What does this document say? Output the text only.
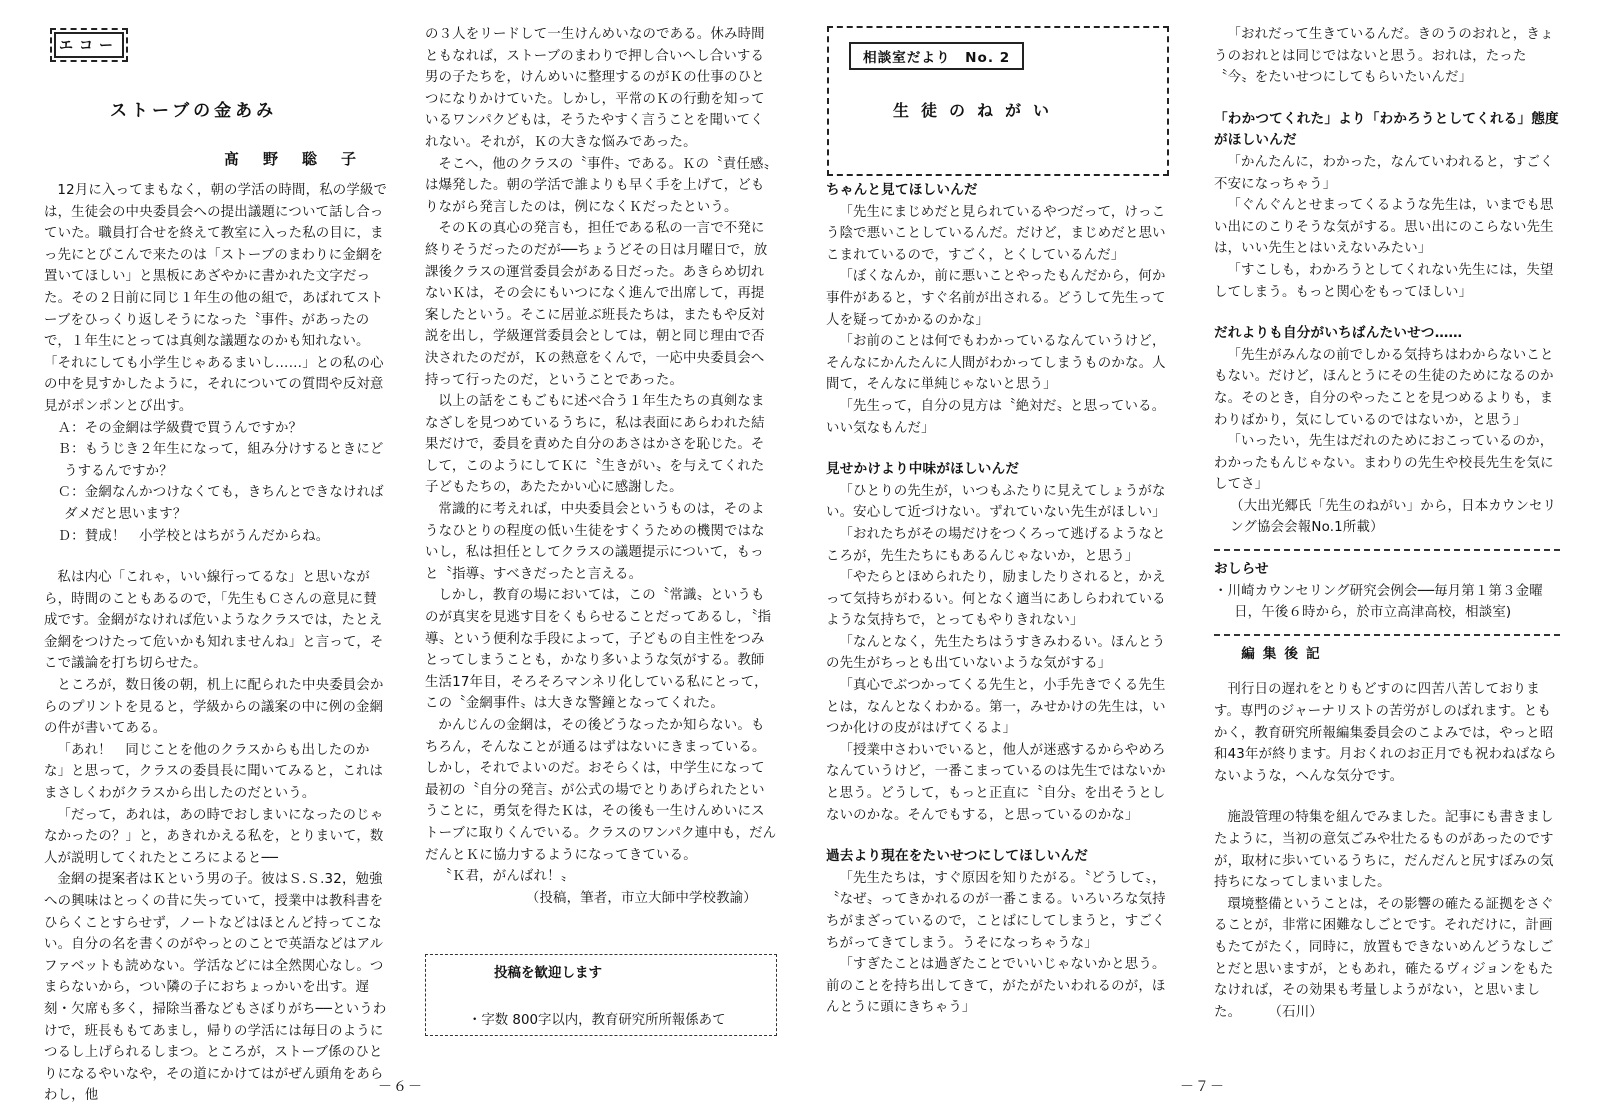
エコー
ストーブの金あみ
髙野聡子

12月に入ってまもなく，朝の学活の時間，私の学級では，生徒会の中央委員会への提出議題について話し合っていた。職員打合せを終えて教室に入った私の目に，まっ先にとびこんで来たのは「ストーブのまわりに金網を置いてほしい」と黒板にあざやかに書かれた文字だった。その２日前に同じ１年生の他の組で，あばれてストーブをひっくり返しそうになった〝事件〟があったので，１年生にとっては真剣な議題なのかも知れない。「それにしても小学生じゃあるまいし……」との私の心の中を見すかしたように，それについての質問や反対意見がポンポンとび出す。

　Ａ：その金網は学級費で買うんですか？

　Ｂ：もうじき２年生になって，組み分けするときにどうするんですか？

　Ｃ：金網なんかつけなくても，きちんとできなければダメだと思います？

　Ｄ：賛成！　小学校とはちがうんだからね。

私は内心「これゃ，いい線行ってるな」と思いながら，時間のこともあるので，「先生もＣさんの意見に賛成です。金網がなければ危いようなクラスでは，たとえ金網をつけたって危いかも知れませんね」と言って，そこで議論を打ち切らせた。

ところが，数日後の朝，机上に配られた中央委員会からのプリントを見ると，学級からの議案の中に例の金網の件が書いてある。

「あれ！　同じことを他のクラスからも出したのかな」と思って，クラスの委員長に聞いてみると，これはまさしくわがクラスから出したのだという。

「だって，あれは，あの時でおしまいになったのじゃなかったの？」と，あきれかえる私を，とりまいて，数人が説明してくれたところによると──

金網の提案者はＫという男の子。彼はＳ.Ｓ.32，勉強への興味はとっくの昔に失っていて，授業中は教科書をひらくことすらせず，ノートなどはほとんど持ってこない。自分の名を書くのがやっとのことで英語などはアルファベットも読めない。学活などには全然関心なし。つまらないから，つい隣の子におちょっかいを出す。遅刻・欠席も多く，掃除当番などもさぼりがち──というわけで，班長ももてあまし，帰りの学活には毎日のようにつるし上げられるしまつ。ところが，ストーブ係のひとりになるやいなや，その道にかけてはがぜん頭角をあらわし，他

の３人をリードして一生けんめいなのである。休み時間ともなれば，ストーブのまわりで押し合いへし合いする男の子たちを，けんめいに整理するのがＫの仕事のひとつになりかけていた。しかし，平常のＫの行動を知っているワンパクどもは，そうたやすく言うことを聞いてくれない。それが，Ｋの大きな悩みであった。

そこへ，他のクラスの〝事件〟である。Ｋの〝責任感〟は爆発した。朝の学活で誰よりも早く手を上げて，どもりながら発言したのは，例になくＫだったという。

そのＫの真心の発言も，担任である私の一言で不発に終りそうだったのだが──ちょうどその日は月曜日で，放課後クラスの運営委員会がある日だった。あきらめ切れないＫは，その会にもいつになく進んで出席して，再提案したという。そこに居並ぶ班長たちは，またもや反対説を出し，学級運営委員会としては，朝と同じ理由で否決されたのだが，Ｋの熱意をくんで，一応中央委員会へ持って行ったのだ，ということであった。

以上の話をこもごもに述べ合う１年生たちの真剣なまなざしを見つめているうちに，私は表面にあらわれた結果だけで，委員を責めた自分のあさはかさを恥じた。そして，このようにしてＫに〝生きがい〟を与えてくれた子どもたちの，あたたかい心に感謝した。

常識的に考えれば，中央委員会というものは，そのようなひとりの程度の低い生徒をすくうための機関ではないし，私は担任としてクラスの議題提示について，もっと〝指導〟すべきだったと言える。

しかし，教育の場においては，この〝常識〟というものが真実を見逃す目をくもらせることだってあるし，〝指導〟という便利な手段によって，子どもの自主性をつみとってしまうことも，かなり多いような気がする。教師生活17年目，そろそろマンネリ化している私にとって，この〝金網事件〟は大きな警鐘となってくれた。

かんじんの金網は，その後どうなったか知らない。もちろん，そんなことが通るはずはないにきまっている。しかし，それでよいのだ。おそらくは，中学生になって最初の〝自分の発言〟が公式の場でとりあげられたということに，勇気を得たＫは，その後も一生けんめいにストーブに取りくんでいる。クラスのワンパク連中も，だんだんとＫに協力するようになってきている。

〝Ｋ君，がんばれ！〟

（投稿，筆者，市立大師中学校教諭）

投稿を歓迎します
・字数 800字以内，教育研究所所報係あて
－６－
相談室だより　No. 2
生徒のねがい
ちゃんと見てほしいんだ

「先生にまじめだと見られているやつだって，けっこう陰で悪いことしているんだ。だけど，まじめだと思いこまれているので，すごく，とくしているんだ」

「ぼくなんか，前に悪いことやったもんだから，何か事件があると，すぐ名前が出される。どうして先生って人を疑ってかかるのかな」

「お前のことは何でもわかっているなんていうけど，そんなにかんたんに人間がわかってしまうものかな。人間て，そんなに単純じゃないと思う」

「先生って，自分の見方は〝絶対だ〟と思っている。いい気なもんだ」

見せかけより中味がほしいんだ

「ひとりの先生が，いつもふたりに見えてしょうがない。安心して近づけない。ずれていない先生がほしい」

「おれたちがその場だけをつくろって逃げるようなところが，先生たちにもあるんじゃないか，と思う」

「やたらとほめられたり，励ましたりされると，かえって気持ちがわるい。何となく適当にあしらわれているような気持ちで，とってもやりきれない」

「なんとなく，先生たちはうすきみわるい。ほんとうの先生がちっとも出ていないような気がする」

「真心でぶつかってくる先生と，小手先きでくる先生とは，なんとなくわかる。第一，みせかけの先生は，いつか化けの皮がはげてくるよ」

「授業中さわいでいると，他人が迷惑するからやめろなんていうけど，一番こまっているのは先生ではないかと思う。どうして，もっと正直に〝自分〟を出そうとしないのかな。そんでもする，と思っているのかな」

過去より現在をたいせつにしてほしいんだ

「先生たちは，すぐ原因を知りたがる。〝どうして〟，〝なぜ〟ってきかれるのが一番こまる。いろいろな気持ちがまざっているので，ことばにしてしまうと，すごくちがってきてしまう。うそになっちゃうな」

「すぎたことは過ぎたことでいいじゃないかと思う。前のことを持ち出してきて，がたがたいわれるのが，ほんとうに頭にきちゃう」

「おれだって生きているんだ。きのうのおれと，きょうのおれとは同じではないと思う。おれは，たった〝今〟をたいせつにしてもらいたいんだ」

「わかつてくれた」より「わかろうとしてくれる」態度がほしいんだ

「かんたんに，わかった，なんていわれると，すごく不安になっちゃう」

「ぐんぐんとせまってくるような先生は，いまでも思い出にのこりそうな気がする。思い出にのこらない先生は，いい先生とはいえないみたい」

「すこしも，わかろうとしてくれない先生には，失望してしまう。もっと関心をもってほしい」

だれよりも自分がいちばんたいせつ……

「先生がみんなの前でしかる気持ちはわからないこともない。だけど，ほんとうにその生徒のためになるのかな。そのとき，自分のやったことを見つめるよりも，まわりばかり，気にしているのではないか，と思う」

「いったい，先生はだれのためにおこっているのか，わかったもんじゃない。まわりの先生や校長先生を気にしてさ」

（大出光郷氏「先生のねがい」から，日本カウンセリング協会会報No.1所載）

おしらせ

・川崎カウンセリング研究会例会──毎月第１第３金曜日，午後６時から，於市立高津高校，相談室)

編集後記

刊行日の遅れをとりもどすのに四苦八苦しております。専門のジャーナリストの苦労がしのばれます。ともかく，教育研究所報編集委員会のこよみでは，やっと昭和43年が終ります。月おくれのお正月でも祝わねばならないような，へんな気分です。

施設管理の特集を組んでみました。記事にも書きましたように，当初の意気ごみや壮たるものがあったのですが，取材に歩いているうちに，だんだんと尻すぼみの気持ちになってしまいました。

環境整備ということは，その影響の確たる証拠をさぐることが，非常に困難なしごとです。それだけに，計画もたてがたく，同時に，放置もできないめんどうなしごとだと思いますが，ともあれ，確たるヴィジョンをもたなければ，その効果も考量しようがない，と思いました。　　　（石川）

－７－
